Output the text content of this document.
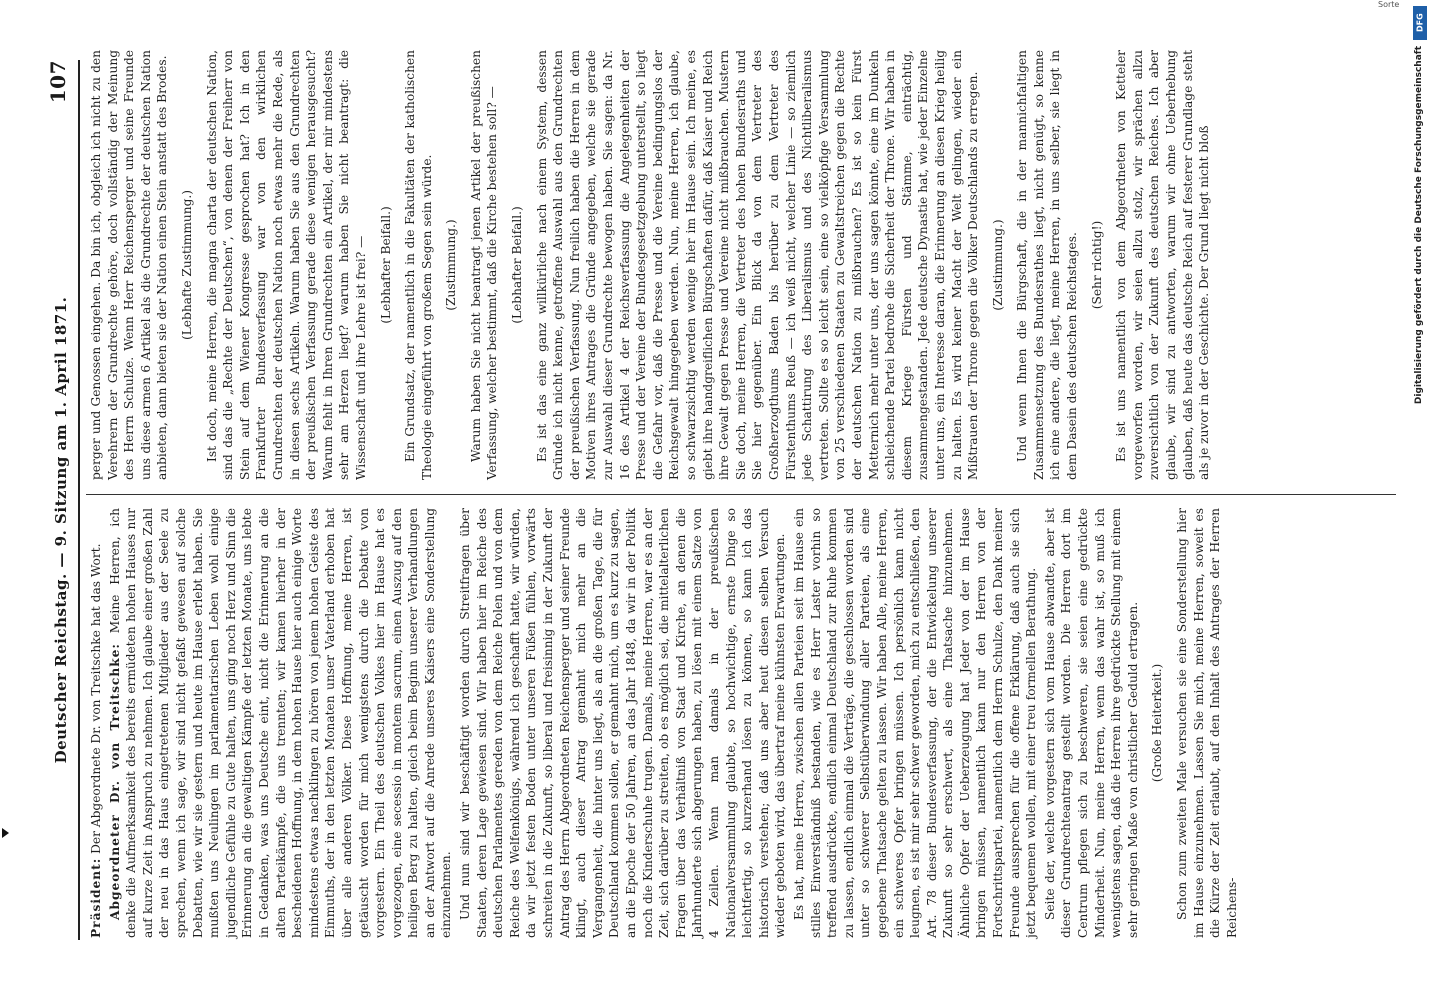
Sorte
Deutscher Reichstag. — 9. Sitzung am 1. April 1871.
107

Präsident: Der Abgeordnete Dr. von Treitschke hat das Wort. Abgeordneter Dr. von Treitschke: Meine Herren, ich denke die Aufmerksamkeit des bereits ermüdeten hohen Hauses nur auf kurze Zeit in Anspruch zu nehmen. Ich glaube einer großen Zahl der neu in das Haus eingetretenen Mitglieder aus der Seele zu sprechen, wenn ich sage, wir sind nicht gefaßt gewesen auf solche Debatten, wie wir sie gestern und heute im Hause erlebt haben. Sie mußten uns Neulingen im parlamentarischen Leben wohl einige jugendliche Gefühle zu Gute halten, uns ging noch Herz und Sinn die Erinnerung an die gewaltigen Kämpfe der letzten Monate, uns lebte in Gedanken, was uns Deutsche eint, nicht die Erinnerung an die alten Parteikämpfe, die uns trennten; wir kamen hierher in der bescheidenen Hoffnung, in dem hohen Hause hier auch einige Worte mindestens etwas nachklingen zu hören von jenem hohen Geiste des Einmuths, der in den letzten Monaten unser Vaterland erhoben hat über alle anderen Völker. Diese Hoffnung, meine Herren, ist getäuscht worden für mich wenigstens durch die Debatte von vorgestern. Ein Theil des deutschen Volkes hier im Hause hat es vorgezogen, eine secessio in montem sacrum, einen Auszug auf den heiligen Berg zu halten, gleich beim Beginn unserer Verhandlungen an der Antwort auf die Anrede unseres Kaisers eine Sonderstellung einzunehmen. Und nun sind wir beschäftigt worden durch Streitfragen über Staaten, deren Lage gewiesen sind. Wir haben hier im Reiche des deutschen Parlamentes gereden von dem Reiche Polen und von dem Reiche des Welfenkönigs, während ich geschafft hatte, wir würden, da wir jetzt festen Boden unter unseren Füßen fühlen, vorwärts schreiten in die Zukunft, so liberal und freisinnig in der Zukunft der Antrag des Herrn Abgeordneten Reichensperger und seiner Freunde klingt, auch dieser Antrag gemahnt mich mehr an die Vergangenheit, die hinter uns liegt, als an die großen Tage, die für Deutschland kommen sollen, er gemahnt mich, um es kurz zu sagen, an die Epoche der 50 Jahren, an das Jahr 1848, da wir in der Politik noch die Kinderschuhe trugen. Damals, meine Herren, war es an der Zeit, sich darüber zu streiten, ob es möglich sei, die mittelalterlichen Fragen über das Verhältniß von Staat und Kirche, an denen die Jahrhunderte sich abgerungen haben, zu lösen mit einem Satze von 4 Zeilen. Wenn man damals in der preußischen Nationalversammlung glaubte, so hochwichtige, ernste Dinge so leichtfertig, so kurzerhand lösen zu können, so kann ich das historisch verstehen; daß uns aber heut diesen selben Versuch wieder geboten wird, das übertraf meine kühnsten Erwartungen. Es hat, meine Herren, zwischen allen Parteien seit im Hause ein stilles Einverständniß bestanden, wie es Herr Laster vorhin so treffend ausdrückte, endlich einmal Deutschland zur Ruhe kommen zu lassen, endlich einmal die Verträge, die geschlossen worden sind unter so schwerer Selbstüberwindung aller Parteien, als eine gegebene Thatsache gelten zu lassen. Wir haben Alle, meine Herren, ein schweres Opfer bringen müssen. Ich persönlich kann nicht leugnen, es ist mir sehr schwer geworden, mich zu entschließen, den Art. 78 dieser Bundesverfassung, der die Entwickelung unserer Zukunft so sehr erschwert, als eine Thatsache hinzunehmen. Ähnliche Opfer der Ueberzeugung hat Jeder von der im Hause bringen müssen, namentlich kann nur den Herren von der Fortschrittspartei, namentlich dem Herrn Schulze, den Dank meiner Freunde aussprechen für die offene Erklärung, daß auch sie sich jetzt bequemen wollen, mit einer treu formellen Berathung. Seite der, welche vorgestern sich vom Hause abwandte, aber ist dieser Grundrechteantrag gestellt worden. Die Herren dort im Centrum pflegen sich zu beschweren, sie seien eine gedrückte Minderheit. Nun, meine Herren, wenn das wahr ist, so muß ich wenigstens sagen, daß die Herren ihre gedrückte Stellung mit einem sehr geringen Maße von christlicher Geduld ertragen. (Große Heiterkeit.) Schon zum zweiten Male versuchen sie eine Sonderstellung hier im Hause einzunehmen. Lassen Sie mich, meine Herren, soweit es die Kürze der Zeit erlaubt, auf den Inhalt des Antrages der Herren Reichens-

perger und Genossen eingehen. Da bin ich, obgleich ich nicht zu den Verehrern der Grundrechte gehöre, doch vollständig der Meinung des Herrn Schulze. Wenn Herr Reichensperger und seine Freunde uns diese armen 6 Artikel als die Grundrechte der deutschen Nation anbieten, dann bieten sie der Nation einen Stein anstatt des Brodes. (Lebhafte Zustimmung.) Ist doch, meine Herren, die magna charta der deutschen Nation, sind das die „Rechte der Deutschen“, von denen der Freiherr von Stein auf dem Wiener Kongresse gesprochen hat? Ich in den Frankfurter Bundesverfassung war von den wirklichen Grundrechten der deutschen Nation noch etwas mehr die Rede, als in diesen sechs Artikeln. Warum haben Sie aus den Grundrechten der preußischen Verfassung gerade diese wenigen herausgesucht? Warum fehlt in Ihren Grundrechten ein Artikel, der mir mindestens sehr am Herzen liegt? warum haben Sie nicht beantragt: die Wissenschaft und ihre Lehre ist frei? — (Lebhafter Beifall.) Ein Grundsatz, der namentlich in die Fakultäten der katholischen Theologie eingeführt von großem Segen sein würde. (Zustimmung.) Warum haben Sie nicht beantragt jenen Artikel der preußischen Verfassung, welcher bestimmt, daß die Kirche bestehen soll? — (Lebhafter Beifall.) Es ist das eine ganz willkürliche nach einem System, dessen Gründe ich nicht kenne, getroffene Auswahl aus den Grundrechten der preußischen Verfassung. Nun freilich haben die Herren in dem Motiven ihres Antrages die Gründe angegeben, welche sie gerade zur Auswahl dieser Grundrechte bewogen haben. Sie sagen: da Nr. 16 des Artikel 4 der Reichsverfassung die Angelegenheiten der Presse und der Vereine der Bundesgesetzgebung unterstellt, so liegt die Gefahr vor, daß die Presse und die Vereine bedingungslos der Reichsgewalt hingegeben werden. Nun, meine Herren, ich glaube, so schwarzsichtig werden wenige hier im Hause sein. Ich meine, es giebt ihre handgreiflichen Bürgschaften dafür, daß Kaiser und Reich ihre Gewalt gegen Presse und Vereine nicht mißbrauchen. Mustern Sie doch, meine Herren, die Vertreter des hohen Bundesraths und Sie hier gegenüber. Ein Blick da von dem Vertreter des Großherzogthums Baden bis herüber zu dem Vertreter des Fürstenthums Reuß — ich weiß nicht, welcher Linie — so ziemlich jede Schattirung des Liberalismus und des Nichtliberalismus vertreten. Sollte es so leicht sein, eine so vielköpfige Versammlung von 25 verschiedenen Staaten zu Gewaltstreichen gegen die Rechte der deutschen Nation zu mißbrauchen? Es ist so kein Fürst Metternich mehr unter uns, der uns sagen könnte, eine im Dunkeln schleichende Partei bedrohe die Sicherheit der Throne. Wir haben in diesem Kriege Fürsten und Stämme, einträchtig, zusammengestanden. Jede deutsche Dynastie hat, wie jeder Einzelne unter uns, ein Interesse daran, die Erinnerung an diesen Krieg heilig zu halten. Es wird keiner Macht der Welt gelingen, wieder ein Mißtrauen der Throne gegen die Völker Deutschlands zu erregen. (Zustimmung.) Und wenn Ihnen die Bürgschaft, die in der mannichfaltigen Zusammensetzung des Bundesrathes liegt, nicht genügt, so kenne ich eine andere, die liegt, meine Herren, in uns selber, sie liegt in dem Dasein des deutschen Reichstages. (Sehr richtig!) Es ist uns namentlich von dem Abgeordneten von Ketteler vorgeworfen worden, wir seien allzu stolz, wir sprächen allzu zuversichtlich von der Zukunft des deutschen Reiches. Ich aber glaube, wir sind zu antworten, warum wir ohne Ueberhebung glauben, daß heute das deutsche Reich auf festerer Grundlage steht als je zuvor in der Geschichte. Der Grund liegt nicht bloß

DFG
Digitalisierung gefördert durch die Deutsche Forschungsgemeinschaft
